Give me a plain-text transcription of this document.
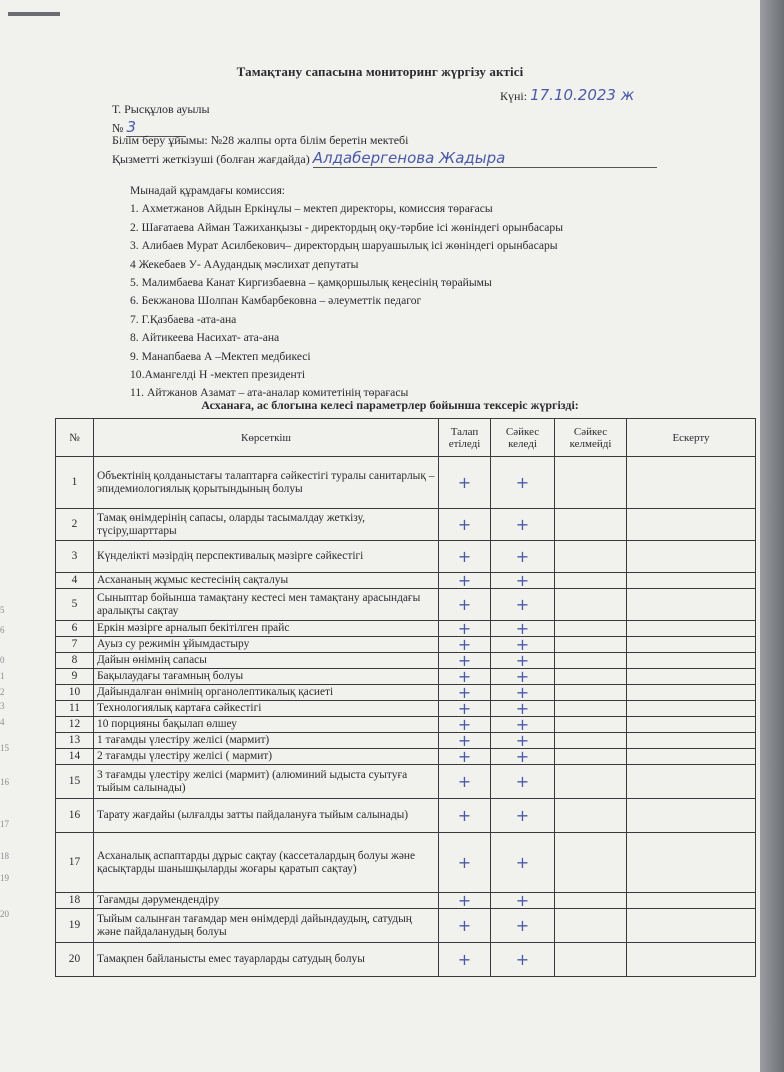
5
6
0
1
2
3
4
15
16
17
18
19
20
Тамақтану сапасына мониторинг жүргізу актісі
Т. Рысқұлов ауылы
Күні: 17.10.2023 ж
№ 3
Білім беру ұйымы: №28 жалпы орта білім беретін мектебі
Қызметті жеткізуші (болған жағдайда) Алдабергенова Жадыра
Мынадай құрамдағы комиссия:
1. Ахметжанов Айдын Еркінұлы – мектеп директоры, комиссия төрағасы
2. Шағатаева Айман Тажиханқызы - директордың оқу-тәрбие ісі жөніндегі орынбасары
3. Алибаев Мурат Асилбекович– директордың шаруашылық ісі жөніндегі орынбасары
4 Жекебаев У- ААудандық мәслихат депутаты
5. Малимбаева Канат Киргизбаевна – қамқоршылық кеңесінің төрайымы
6. Бекжанова Шолпан Камбарбековна – әлеуметтік педагог
7. Г.Қазбаева -ата-ана
8. Айтикеева Насихат- ата-ана
9. Манапбаева А –Мектеп медбикесі
10.Амангелді Н -мектеп президенті
11. Айтжанов Азамат – ата-аналар комитетінің төрағасы
Асханаға, ас блогына келесі параметрлер бойынша тексеріс жүргізді:
№	Көрсеткіш	Талап етіледі	Сәйкес келеді	Сәйкес келмейді	Ескерту
1	Объектінің қолданыстағы талаптарға сәйкестігі туралы санитарлық – эпидемиологиялық қорытындының болуы	+	+		
2	Тамақ өнімдерінің сапасы, оларды тасымалдау жеткізу, түсіру,шарттары	+	+		
3	Күнделікті мәзірдің перспективалық мәзірге сәйкестігі	+	+		
4	Асхананың жұмыс кестесінің сақталуы	+	+		
5	Сыныптар бойынша тамақтану кестесі мен тамақтану арасындағы аралықты сақтау	+	+		
6	Еркін мәзірге арналып бекітілген прайс	+	+		
7	Ауыз су режимін ұйымдастыру	+	+		
8	Дайын өнімнің сапасы	+	+		
9	Бақылаудағы тағамның болуы	+	+		
10	Дайындалған өнімнің органолептикалық қасиеті	+	+		
11	Технологиялық картаға сәйкестігі	+	+		
12	10 порцияны бақылап өлшеу	+	+		
13	1 тағамды үлестіру желісі (мармит)	+	+		
14	2 тағамды үлестіру желісі ( мармит)	+	+		
15	3 тағамды үлестіру желісі (мармит) (алюминий ыдыста суытуға тыйым салынады)	+	+		
16	Тарату жағдайы (ылғалды затты пайдалануға тыйым салынады)	+	+		
17	Асханалық аспаптарды дұрыс сақтау (кассеталардың болуы және қасықтарды шанышқыларды жоғары қаратып сақтау)	+	+		
18	Тағамды дәрумендендіру	+	+		
19	Тыйым салынған тағамдар мен өнімдерді дайындаудың, сатудың және пайдаланудың болуы	+	+		
20	Тамақпен байланысты емес тауарларды сатудың болуы	+	+		
